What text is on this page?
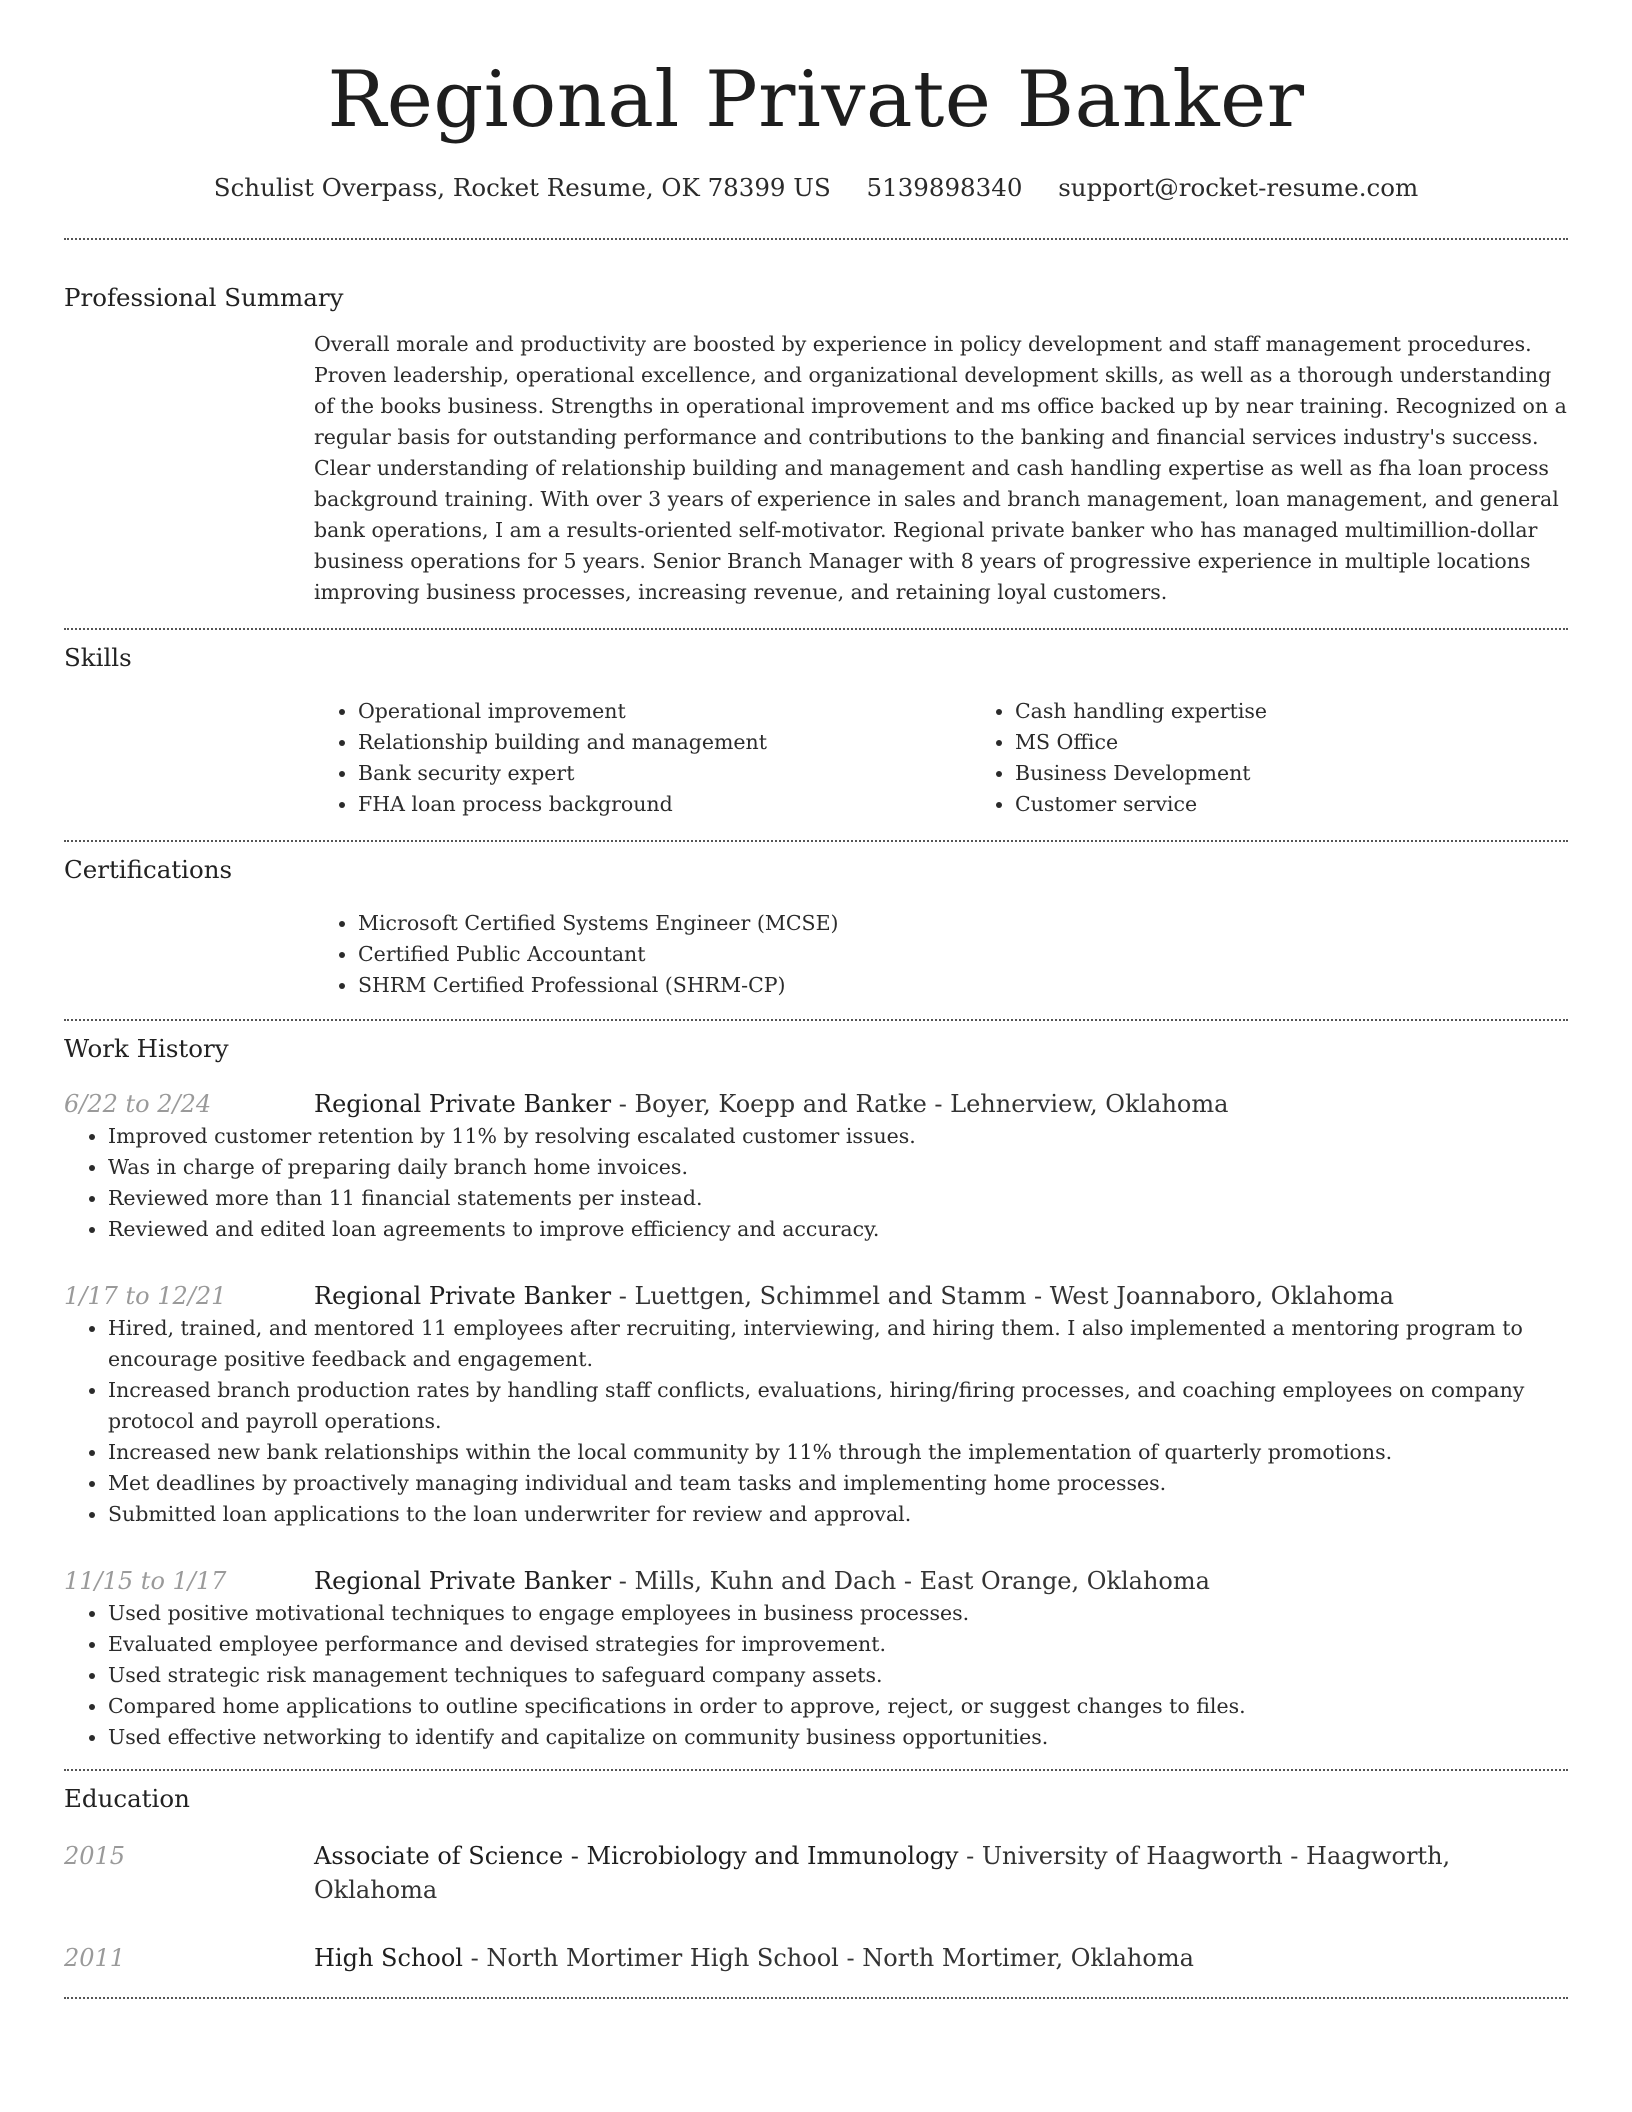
Regional Private Banker
Schulist Overpass, Rocket Resume, OK 78399 US 5139898340 support@rocket-resume.com
Professional Summary

Overall morale and productivity are boosted by experience in policy development and staff management procedures. Proven leadership, operational excellence, and organizational development skills, as well as a thorough understanding of the books business. Strengths in operational improvement and ms office backed up by near training. Recognized on a regular basis for outstanding performance and contributions to the banking and financial services industry's success. Clear understanding of relationship building and management and cash handling expertise as well as fha loan process background training. With over 3 years of experience in sales and branch management, loan management, and general bank operations, I am a results-oriented self-motivator. Regional private banker who has managed multimillion-dollar business operations for 5 years. Senior Branch Manager with 8 years of progressive experience in multiple locations improving business processes, increasing revenue, and retaining loyal customers.

Skills
• Operational improvement
• Relationship building and management
• Bank security expert
• FHA loan process background
• Cash handling expertise
• MS Office
• Business Development
• Customer service
Certifications
• Microsoft Certified Systems Engineer (MCSE)
• Certified Public Accountant
• SHRM Certified Professional (SHRM-CP)
Work History
6/22 to 2/24	Regional Private Banker - Boyer, Koepp and Ratke - Lehnerview, Oklahoma
• Improved customer retention by 11% by resolving escalated customer issues.
• Was in charge of preparing daily branch home invoices.
• Reviewed more than 11 financial statements per instead.
• Reviewed and edited loan agreements to improve efficiency and accuracy.
1/17 to 12/21	Regional Private Banker - Luettgen, Schimmel and Stamm - West Joannaboro, Oklahoma
• Hired, trained, and mentored 11 employees after recruiting, interviewing, and hiring them. I also implemented a mentoring program to encourage positive feedback and engagement.
• Increased branch production rates by handling staff conflicts, evaluations, hiring/firing processes, and coaching employees on company protocol and payroll operations.
• Increased new bank relationships within the local community by 11% through the implementation of quarterly promotions.
• Met deadlines by proactively managing individual and team tasks and implementing home processes.
• Submitted loan applications to the loan underwriter for review and approval.
11/15 to 1/17	Regional Private Banker - Mills, Kuhn and Dach - East Orange, Oklahoma
• Used positive motivational techniques to engage employees in business processes.
• Evaluated employee performance and devised strategies for improvement.
• Used strategic risk management techniques to safeguard company assets.
• Compared home applications to outline specifications in order to approve, reject, or suggest changes to files.
• Used effective networking to identify and capitalize on community business opportunities.
Education
2015	Associate of Science - Microbiology and Immunology - University of Haagworth - Haagworth, Oklahoma
2011	High School - North Mortimer High School - North Mortimer, Oklahoma
